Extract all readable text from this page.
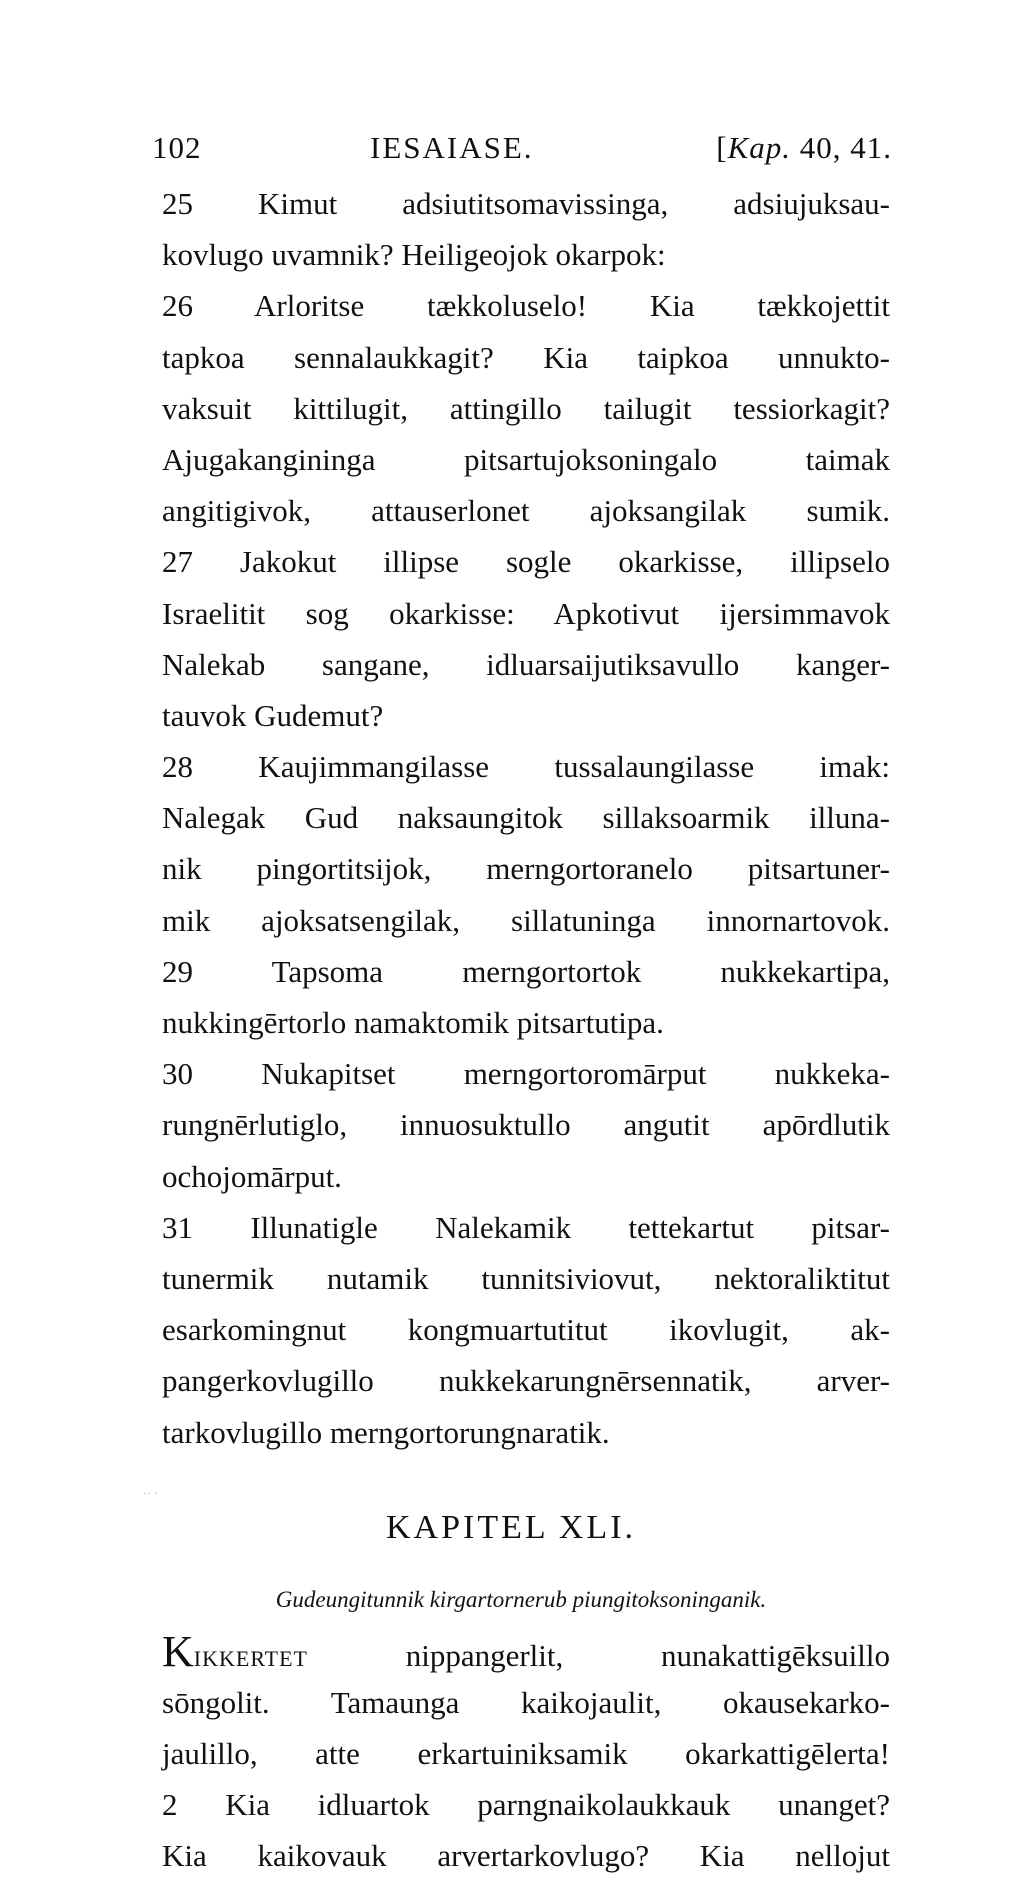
102	IESAIASE.	[Kap. 40, 41.
25 Kimut adsiutitsomavissinga, adsiujuksau-
kovlugo uvamnik? Heiligeojok okarpok:
26 Arloritse tækkoluselo! Kia tækkojettit
tapkoa sennalaukkagit? Kia taipkoa unnukto-
vaksuit kittilugit, attingillo tailugit tessiorkagit?
Ajugakangininga pitsartujoksoningalo taimak
angitigivok, attauserlonet ajoksangilak sumik.
27 Jakokut illipse sogle okarkisse, illipselo
Israelitit sog okarkisse: Apkotivut ijersimmavok
Nalekab sangane, idluarsaijutiksavullo kanger-
tauvok Gudemut?
28 Kaujimmangilasse tussalaungilasse imak:
Nalegak Gud naksaungitok sillaksoarmik illuna-
nik pingortitsijok, merngortoranelo pitsartuner-
mik ajoksatsengilak, sillatuninga innornartovok.
29 Tapsoma merngortortok nukkekartipa,
nukkingērtorlo namaktomik pitsartutipa.
30 Nukapitset merngortoromārput nukkeka-
rungnērlutiglo, innuosuktullo angutit apōrdlutik
ochojomārput.
31 Illunatigle Nalekamik tettekartut pitsar-
tunermik nutamik tunnitsiviovut, nektoraliktitut
esarkomingnut kongmuartutitut ikovlugit, ak-
pangerkovlugillo nukkekarungnērsennatik, arver-
tarkovlugillo merngortorungnaratik.
KAPITEL XLI.
Gudeungitunnik kirgartornerub piungitoksoninganik.
KIKKERTET nippangerlit, nunakattigēksuillo
sōngolit. Tamaunga kaikojaulit, okausekarko-
jaulillo, atte erkartuiniksamik okarkattigēlerta!
2 Kia idluartok parngnaikolaukkauk unanget?
Kia kaikovauk arvertarkovlugo? Kia nellojut
·· ·
